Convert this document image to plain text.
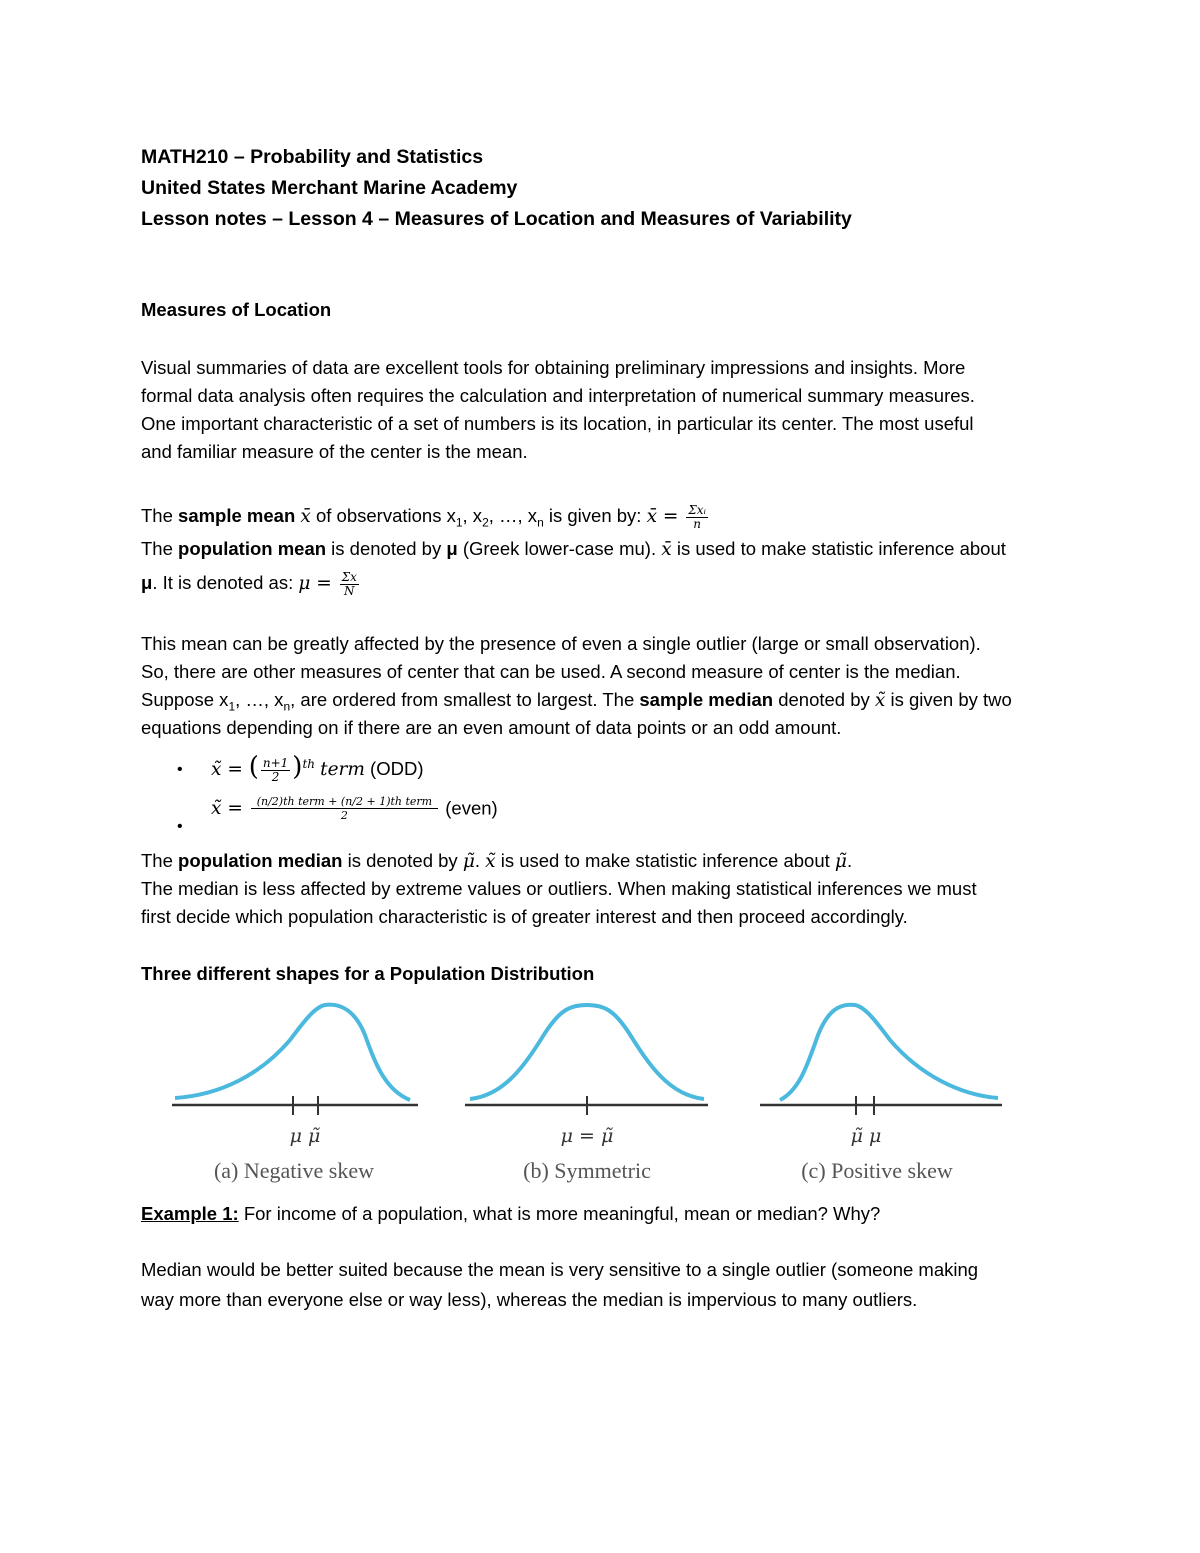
MATH210 – Probability and Statistics
United States Merchant Marine Academy
Lesson notes – Lesson 4 – Measures of Location and Measures of Variability
Measures of Location
Visual summaries of data are excellent tools for obtaining preliminary impressions and insights. More
formal data analysis often requires the calculation and interpretation of numerical summary measures.
One important characteristic of a set of numbers is its location, in particular its center. The most useful
and familiar measure of the center is the mean.
The sample mean x̄ of observations $x_1$, $x_2$, …, $x_n$ is given by: x̄ = $\frac{\text{Σxᵢ}}{n}$
The population mean is denoted by μ (Greek lower-case mu). x̄ is used to make statistic inference about
μ. It is denoted as: $\mu = \frac{\Sigma x}{N}$
This mean can be greatly affected by the presence of even a single outlier (large or small observation).
So, there are other measures of center that can be used. A second measure of center is the median.
Suppose $x_1$, …, $x_n$, are ordered from smallest to largest. The sample median denoted by x̃ is given by two
equations depending on if there are an even amount of data points or an odd amount.
• x̃ = ( $\frac{n+1}{2} )^{th}$ term (ODD)
•
x̃ = $\frac{\text{(n/2)th term + (n/2 + 1)th term}}{2}$ (even)
The population median is denoted by μ̃. x̃ is used to make statistic inference about μ̃.
The median is less affected by extreme values or outliers. When making statistical inferences we must
first decide which population characteristic is of greater interest and then proceed accordingly.
Three different shapes for a Population Distribution
μ μ̃
(a) Negative skew
μ = μ̃
(b) Symmetric
μ̃ μ
(c) Positive skew
Example 1: For income of a population, what is more meaningful, mean or median? Why?
Median would be better suited because the mean is very sensitive to a single outlier (someone making
way more than everyone else or way less), whereas the median is impervious to many outliers.
